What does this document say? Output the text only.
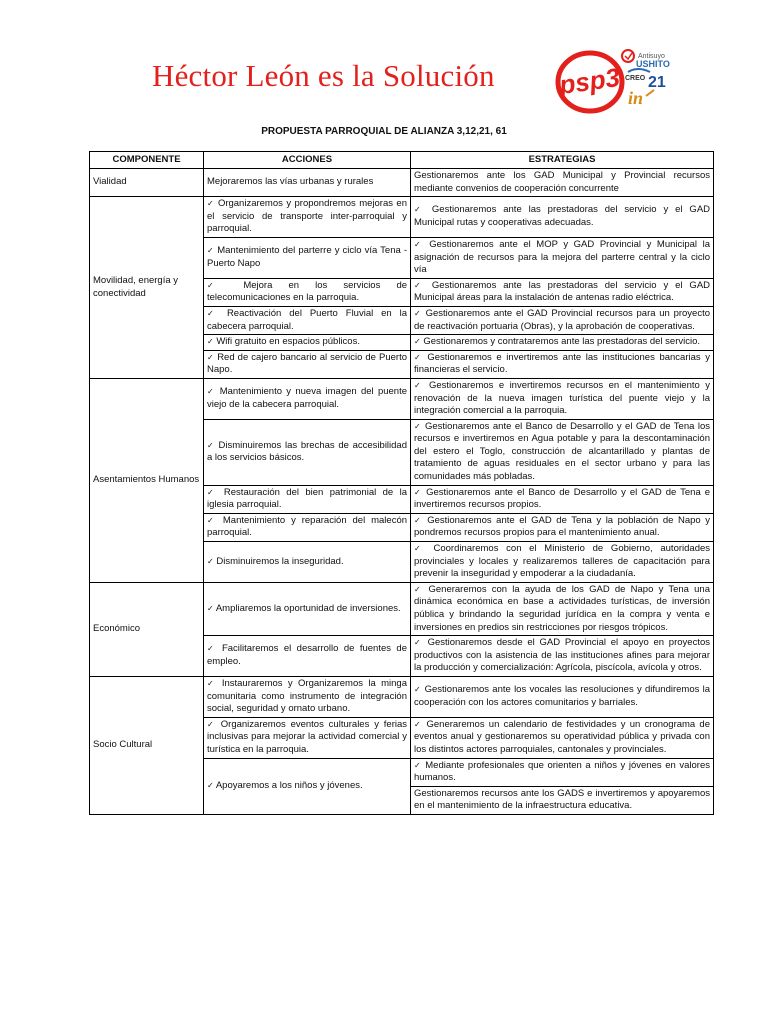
Héctor León es la Solución psp3
Antisuyo
USHITO
CREO 21
in
PROPUESTA PARROQUIAL DE ALIANZA 3,12,21, 61
COMPONENTE	ACCIONES	ESTRATEGIAS
Vialidad	Mejoraremos las vías urbanas y rurales	Gestionaremos ante los GAD Municipal y Provincial recursos mediante convenios de cooperación concurrente
Movilidad, energía y conectividad	✓ Organizaremos y propondremos mejoras en el servicio de transporte inter-parroquial y parroquial.	✓ Gestionaremos ante las prestadoras del servicio y el GAD Municipal rutas y cooperativas adecuadas.
	✓ Mantenimiento del parterre y ciclo vía Tena - Puerto Napo	✓ Gestionaremos ante el MOP y GAD Provincial y Municipal la asignación de recursos para la mejora del parterre central y la ciclo vía
	✓ Mejora en los servicios de telecomunicaciones en la parroquia.	✓ Gestionaremos ante las prestadoras del servicio y el GAD Municipal áreas para la instalación de antenas radio eléctrica.
	✓ Reactivación del Puerto Fluvial en la cabecera parroquial.	✓ Gestionaremos ante el GAD Provincial recursos para un proyecto de reactivación portuaria (Obras), y la aprobación de cooperativas.
	✓ Wifi gratuito en espacios públicos.	✓ Gestionaremos y contrataremos ante las prestadoras del servicio.
	✓ Red de cajero bancario al servicio de Puerto Napo.	✓ Gestionaremos e invertiremos ante las instituciones bancarias y financieras el servicio.
Asentamientos Humanos	✓ Mantenimiento y nueva imagen del puente viejo de la cabecera parroquial.	✓ Gestionaremos e invertiremos recursos en el mantenimiento y renovación de la nueva imagen turística del puente viejo y la integración comercial a la parroquia.
	✓ Disminuiremos las brechas de accesibilidad a los servicios básicos.	✓ Gestionaremos ante el Banco de Desarrollo y el GAD de Tena los recursos e invertiremos en Agua potable y para la descontaminación del estero el Toglo, construcción de alcantarillado y plantas de tratamiento de aguas residuales en el sector urbano y para las comunidades más pobladas.
	✓ Restauración del bien patrimonial de la iglesia parroquial.	✓ Gestionaremos ante el Banco de Desarrollo y el GAD de Tena e invertiremos recursos propios.
	✓ Mantenimiento y reparación del malecón parroquial.	✓ Gestionaremos ante el GAD de Tena y la población de Napo y pondremos recursos propios para el mantenimiento anual.
	✓ Disminuiremos la inseguridad.	✓ Coordinaremos con el Ministerio de Gobierno, autoridades provinciales y locales y realizaremos talleres de capacitación para prevenir la inseguridad y empoderar a la ciudadanía.
Económico	✓ Ampliaremos la oportunidad de inversiones.	✓ Generaremos con la ayuda de los GAD de Napo y Tena una dinámica económica en base a actividades turísticas, de inversión pública y brindando la seguridad jurídica en la compra y venta e inversiones en predios sin restricciones por riesgos trópicos.
	✓ Facilitaremos el desarrollo de fuentes de empleo.	✓ Gestionaremos desde el GAD Provincial el apoyo en proyectos productivos con la asistencia de las instituciones afines para mejorar la producción y comercialización: Agrícola, piscícola, avícola y otros.
Socio Cultural	✓ Instauraremos y Organizaremos la minga comunitaria como instrumento de integración social, seguridad y ornato urbano.	✓ Gestionaremos ante los vocales las resoluciones y difundiremos la cooperación con los actores comunitarios y barriales.
	✓ Organizaremos eventos culturales y ferias inclusivas para mejorar la actividad comercial y turística en la parroquia.	✓ Generaremos un calendario de festividades y un cronograma de eventos anual y gestionaremos su operatividad pública y privada con los distintos actores parroquiales, cantonales y provinciales.
	✓ Apoyaremos a los niños y jóvenes.	✓ Mediante profesionales que orienten a niños y jóvenes en valores humanos.
		Gestionaremos recursos ante los GADS e invertiremos y apoyaremos en el mantenimiento de la infraestructura educativa.
